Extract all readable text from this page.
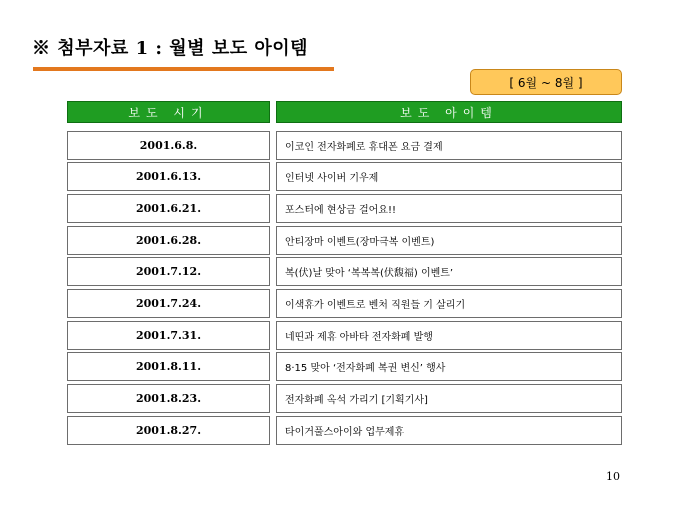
※ 첨부자료 1 : 월별 보도 아이템
[ 6월 ~ 8월 ]
보도 시기	보도 아이템
2001.6.8.	이코인 전자화폐로 휴대폰 요금 결제
2001.6.13.	인터넷 사이버 기우제
2001.6.21.	포스터에 현상금 걸어요!!
2001.6.28.	안티장마 이벤트(장마극복 이벤트)
2001.7.12.	복(伏)날 맞아 ‘복복복(伏馥福) 이벤트’
2001.7.24.	이색휴가 이벤트로 벤처 직원들 기 살리기
2001.7.31.	네띤과 제휴 아바타 전자화폐 발행
2001.8.11.	8·15 맞아 ‘전자화폐 복권 변신’ 행사
2001.8.23.	전자화폐 옥석 가리기 [기획기사]
2001.8.27.	타이거풀스아이와 업무제휴
10
